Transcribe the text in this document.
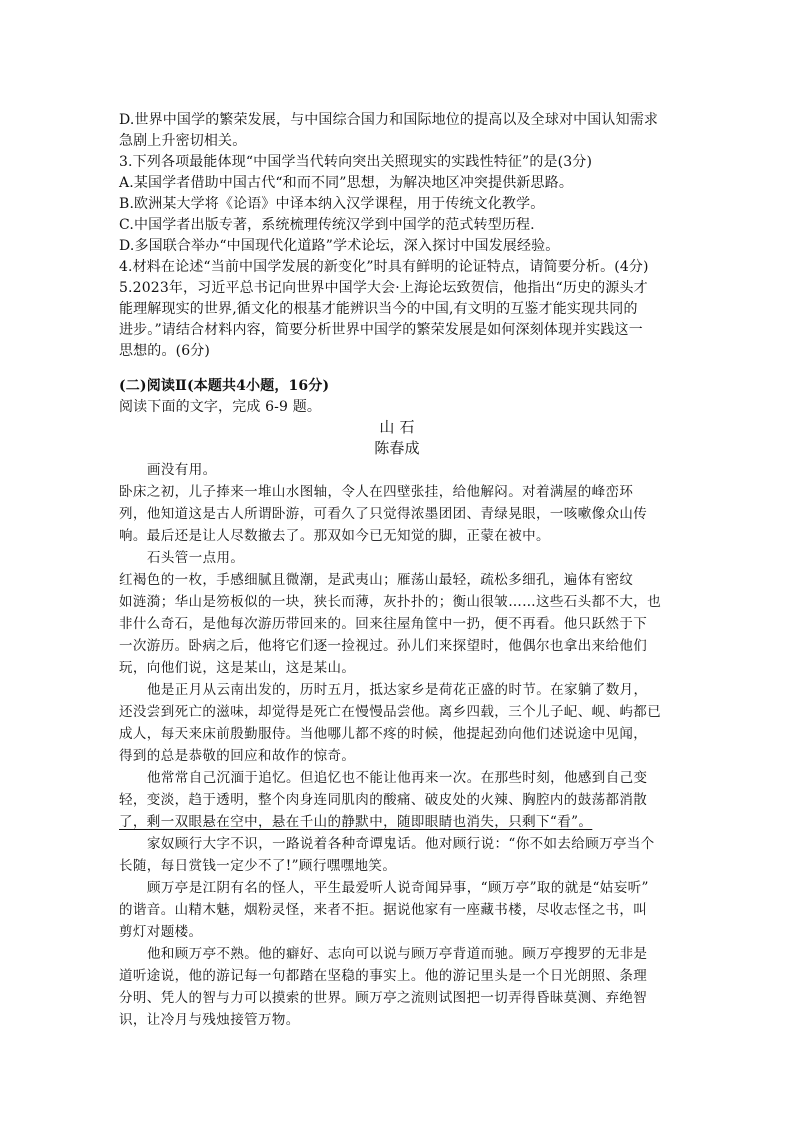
D.世界中国学的繁荣发展，与中国综合国力和国际地位的提高以及全球对中国认知需求
急剧上升密切相关。
3.下列各项最能体现“中国学当代转向突出关照现实的实践性特征”的是(3分)
A.某国学者借助中国古代“和而不同”思想，为解决地区冲突提供新思路。
B.欧洲某大学将《论语》中译本纳入汉学课程，用于传统文化教学。
C.中国学者出版专著，系统梳理传统汉学到中国学的范式转型历程.
D.多国联合举办“中国现代化道路”学术论坛，深入探讨中国发展经验。
4.材料在论述“当前中国学发展的新变化”时具有鲜明的论证特点，请简要分析。(4分)
5.2023年，习近平总书记向世界中国学大会·上海论坛致贺信，他指出“历史的源头才
能理解现实的世界,循文化的根基才能辨识当今的中国,有文明的互鉴才能实现共同的
进步。”请结合材料内容，简要分析世界中国学的繁荣发展是如何深刻体现并实践这一
思想的。(6分)
(二)阅读Ⅱ(本题共4小题，16分)
阅读下面的文字，完成 6-9 题。
山 石
陈春成
画没有用。
卧床之初，儿子捧来一堆山水图轴，令人在四壁张挂，给他解闷。对着满屋的峰峦环
列，他知道这是古人所谓卧游，可看久了只觉得浓墨团团、青绿晃眼，一咳嗽像众山传
响。最后还是让人尽数撤去了。那双如今已无知觉的脚，正蒙在被中。
石头管一点用。
红褐色的一枚，手感细腻且微潮，是武夷山；雁荡山最轻，疏松多细孔，遍体有密纹
如涟漪；华山是笏板似的一块，狭长而薄，灰扑扑的；衡山很皱……这些石头都不大，也
非什么奇石，是他每次游历带回来的。回来往屋角筐中一扔，便不再看。他只跃然于下
一次游历。卧病之后，他将它们逐一捡视过。孙儿们来探望时，他偶尔也拿出来给他们
玩，向他们说，这是某山，这是某山。
他是正月从云南出发的，历时五月，抵达家乡是荷花正盛的时节。在家躺了数月，
还没尝到死亡的滋味，却觉得是死亡在慢慢品尝他。离乡四载，三个儿子屺、岘、屿都已
成人，每天来床前殷勤服侍。当他哪儿都不疼的时候，他提起劲向他们述说途中见闻，
得到的总是恭敬的回应和故作的惊奇。
他常常自己沉湎于追忆。但追忆也不能让他再来一次。在那些时刻，他感到自己变
轻，变淡，趋于透明，整个肉身连同肌肉的酸痛、破皮处的火辣、胸腔内的鼓荡都消散
了，剩一双眼悬在空中，悬在千山的静默中，随即眼睛也消失，只剩下“看”。
家奴顾行大字不识，一路说着各种奇谭鬼话。他对顾行说：“你不如去给顾万亭当个
长随，每日赏钱一定少不了!”顾行嘿嘿地笑。
顾万亭是江阴有名的怪人，平生最爱听人说奇闻异事，“顾万亭”取的就是“姑妄听”
的谐音。山精木魅，烟粉灵怪，来者不拒。据说他家有一座藏书楼，尽收志怪之书，叫
剪灯对题楼。
他和顾万亭不熟。他的癖好、志向可以说与顾万亭背道而驰。顾万亭搜罗的无非是
道听途说，他的游记每一句都踏在坚稳的事实上。他的游记里头是一个日光朗照、条理
分明、凭人的智与力可以摸索的世界。顾万亭之流则试图把一切弄得昏昧莫测、弃绝智
识，让冷月与残烛接管万物。
